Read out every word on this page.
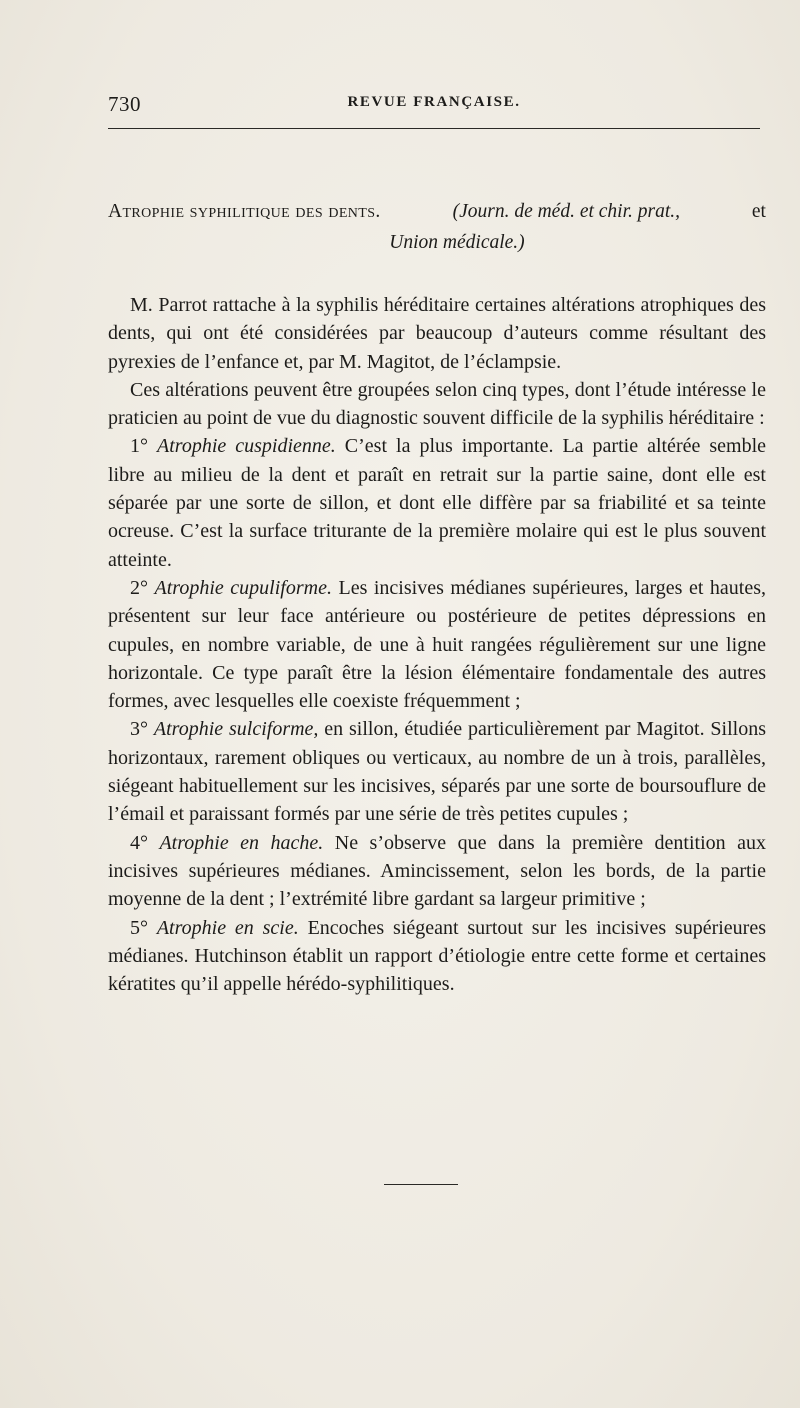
730	REVUE FRANÇAISE.
Atrophie syphilitique des dents.	(Journ. de méd. et chir. prat.,	et
Union médicale.)

M. Parrot rattache à la syphilis héréditaire certaines altérations atrophiques des dents, qui ont été considérées par beaucoup d’auteurs comme résultant des pyrexies de l’enfance et, par M. Magitot, de l’éclampsie.

Ces altérations peuvent être groupées selon cinq types, dont l’étude intéresse le praticien au point de vue du diagnostic souvent difficile de la syphilis héréditaire :

1° Atrophie cuspidienne. C’est la plus importante. La partie altérée semble libre au milieu de la dent et paraît en retrait sur la partie saine, dont elle est séparée par une sorte de sillon, et dont elle diffère par sa friabilité et sa teinte ocreuse. C’est la surface triturante de la première molaire qui est le plus souvent atteinte.

2° Atrophie cupuliforme. Les incisives médianes supérieures, larges et hautes, présentent sur leur face antérieure ou postérieure de petites dépressions en cupules, en nombre variable, de une à huit rangées régulièrement sur une ligne horizontale. Ce type paraît être la lésion élémentaire fondamentale des autres formes, avec lesquelles elle coexiste fréquemment ;

3° Atrophie sulciforme, en sillon, étudiée particulièrement par Magitot. Sillons horizontaux, rarement obliques ou verticaux, au nombre de un à trois, parallèles, siégeant habituellement sur les incisives, séparés par une sorte de boursouflure de l’émail et paraissant formés par une série de très petites cupules ;

4° Atrophie en hache. Ne s’observe que dans la première dentition aux incisives supérieures médianes. Amincissement, selon les bords, de la partie moyenne de la dent ; l’extrémité libre gardant sa largeur primitive ;

5° Atrophie en scie. Encoches siégeant surtout sur les incisives supérieures médianes. Hutchinson établit un rapport d’étiologie entre cette forme et certaines kératites qu’il appelle hérédo-syphilitiques.
